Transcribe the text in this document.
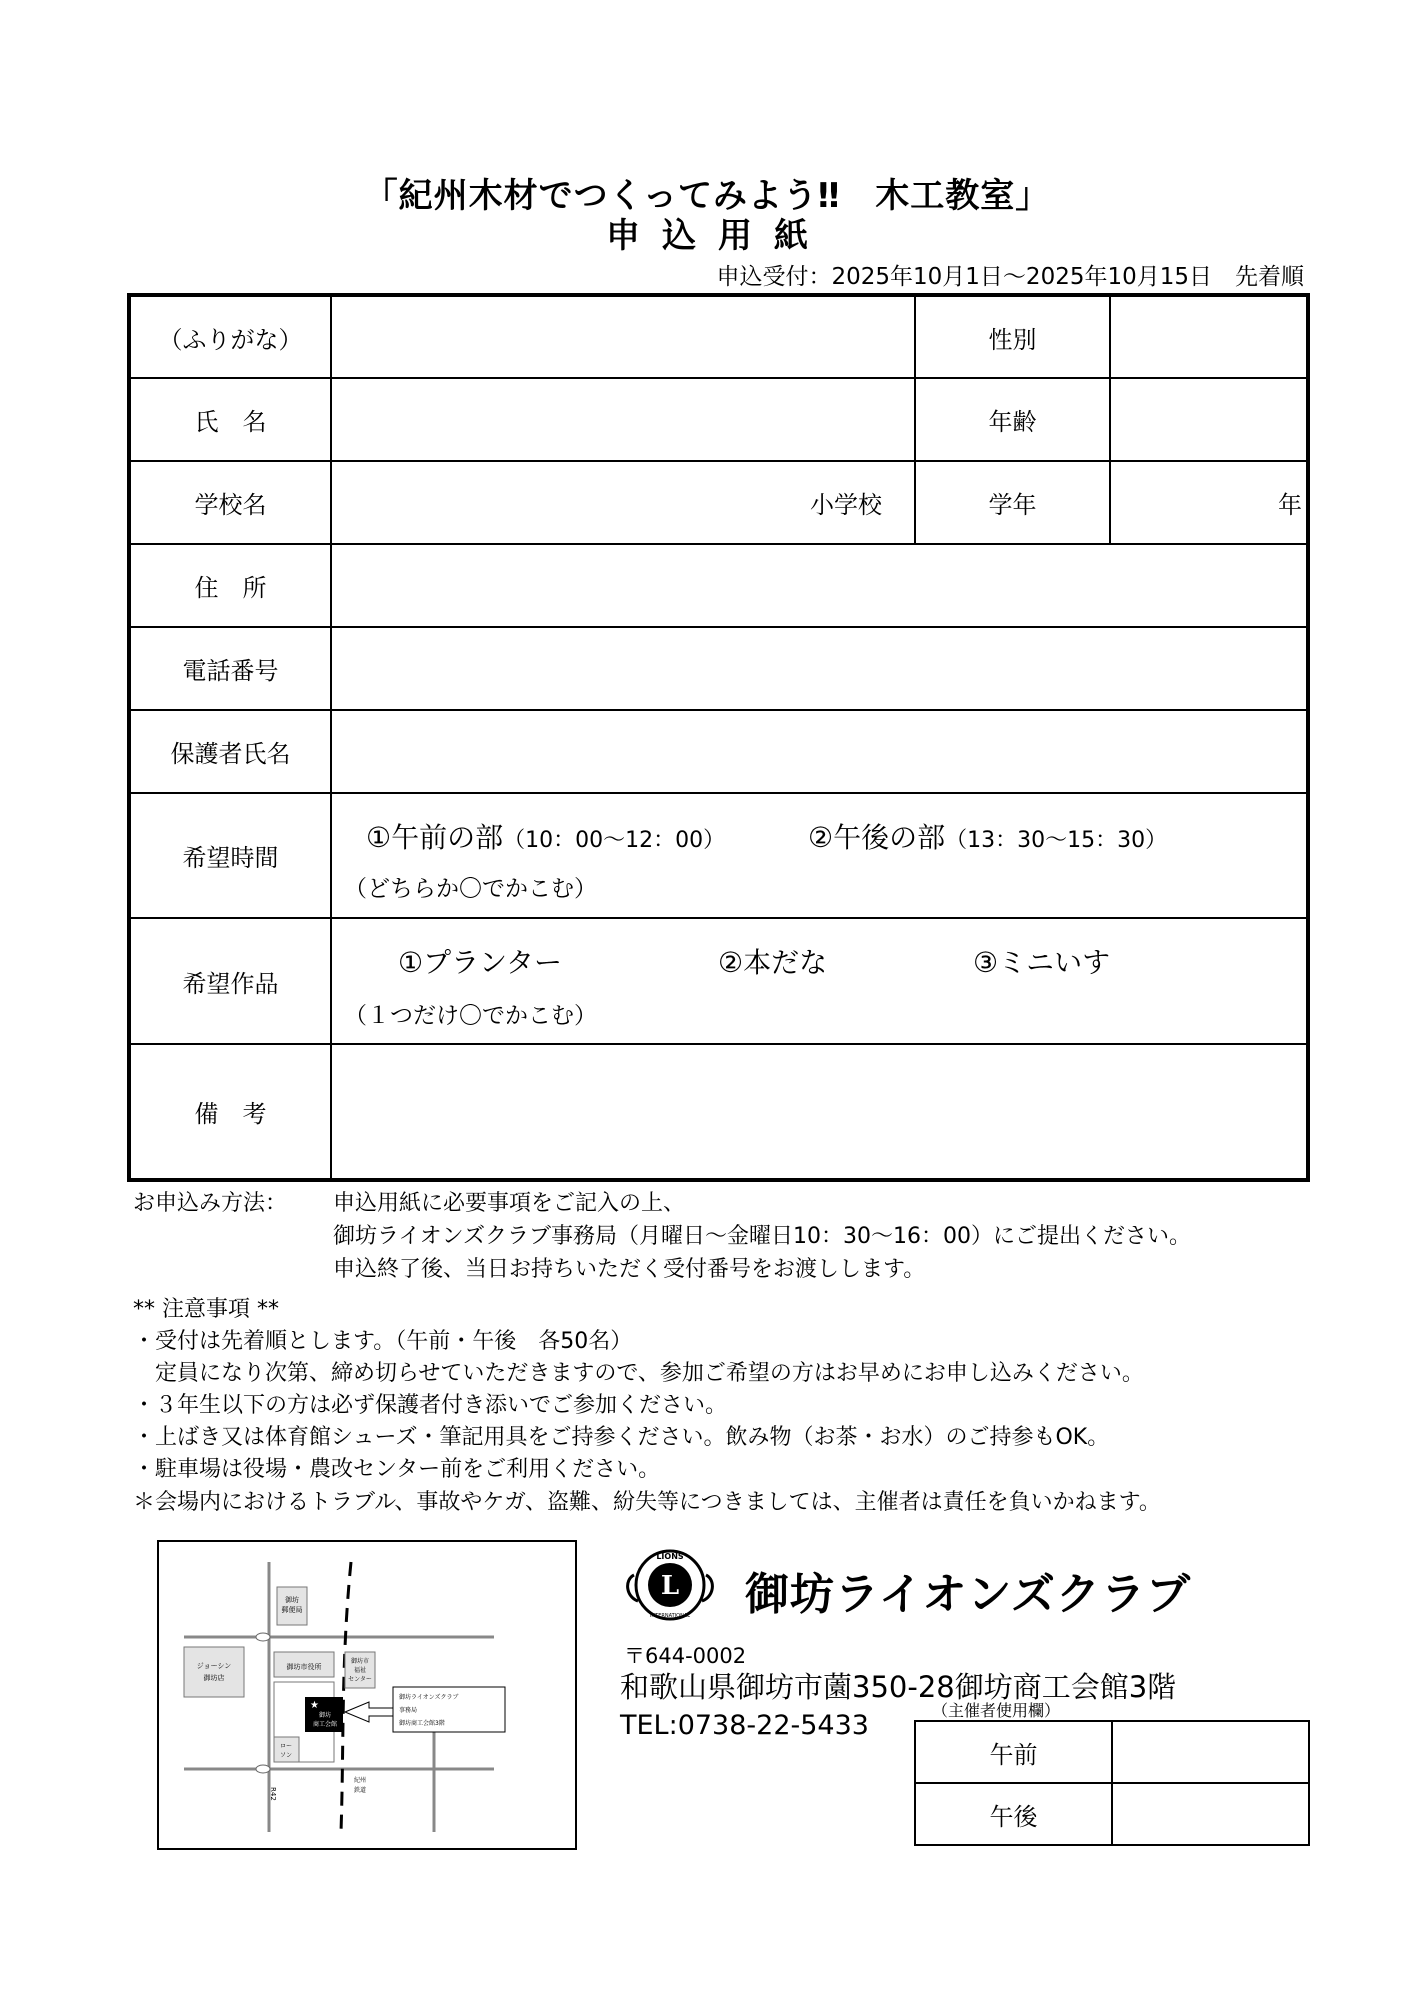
「紀州木材でつくってみよう‼　木工教室」
申込用紙
申込受付：2025年10月1日～2025年10月15日　先着順
（ふりがな）	性別
氏　名	年齢
学校名	小学校	学年	年
住　所
電話番号
保護者氏名
希望時間
①午前の部（10：00～12：00）	②午後の部（13：30～15：30）
（どちらか〇でかこむ）
希望作品
①プランター	②本だな	③ミニいす
（１つだけ〇でかこむ）
備　考
お申込み方法： 申込用紙に必要事項をご記入の上、
御坊ライオンズクラブ事務局（月曜日～金曜日10：30～16：00）にご提出ください。
申込終了後、当日お持ちいただく受付番号をお渡しします。
** 注意事項 **
・受付は先着順とします。（午前・午後　各50名）
　定員になり次第、締め切らせていただきますので、参加ご希望の方はお早めにお申し込みください。
・３年生以下の方は必ず保護者付き添いでご参加ください。
・上ばき又は体育館シューズ・筆記用具をご持参ください。飲み物（お茶・お水）のご持参もOK。
・駐車場は役場・農改センター前をご利用ください。
＊会場内におけるトラブル、事故やケガ、盗難、紛失等につきましては、主催者は責任を負いかねます。
御坊
郵便局
ジョーシン
御坊店
御坊市役所
御坊市
福祉
センター
★
御坊
商工会館
ロー
ソン
R42
紀州
鉄道
御坊ライオンズクラブ
事務局
御坊商工会館3階
L
LIONS
INTERNATIONAL 御坊ライオンズクラブ
〒644-0002
和歌山県御坊市薗350-28御坊商工会館3階
TEL:0738-22-5433	（主催者使用欄）
午前
午後
